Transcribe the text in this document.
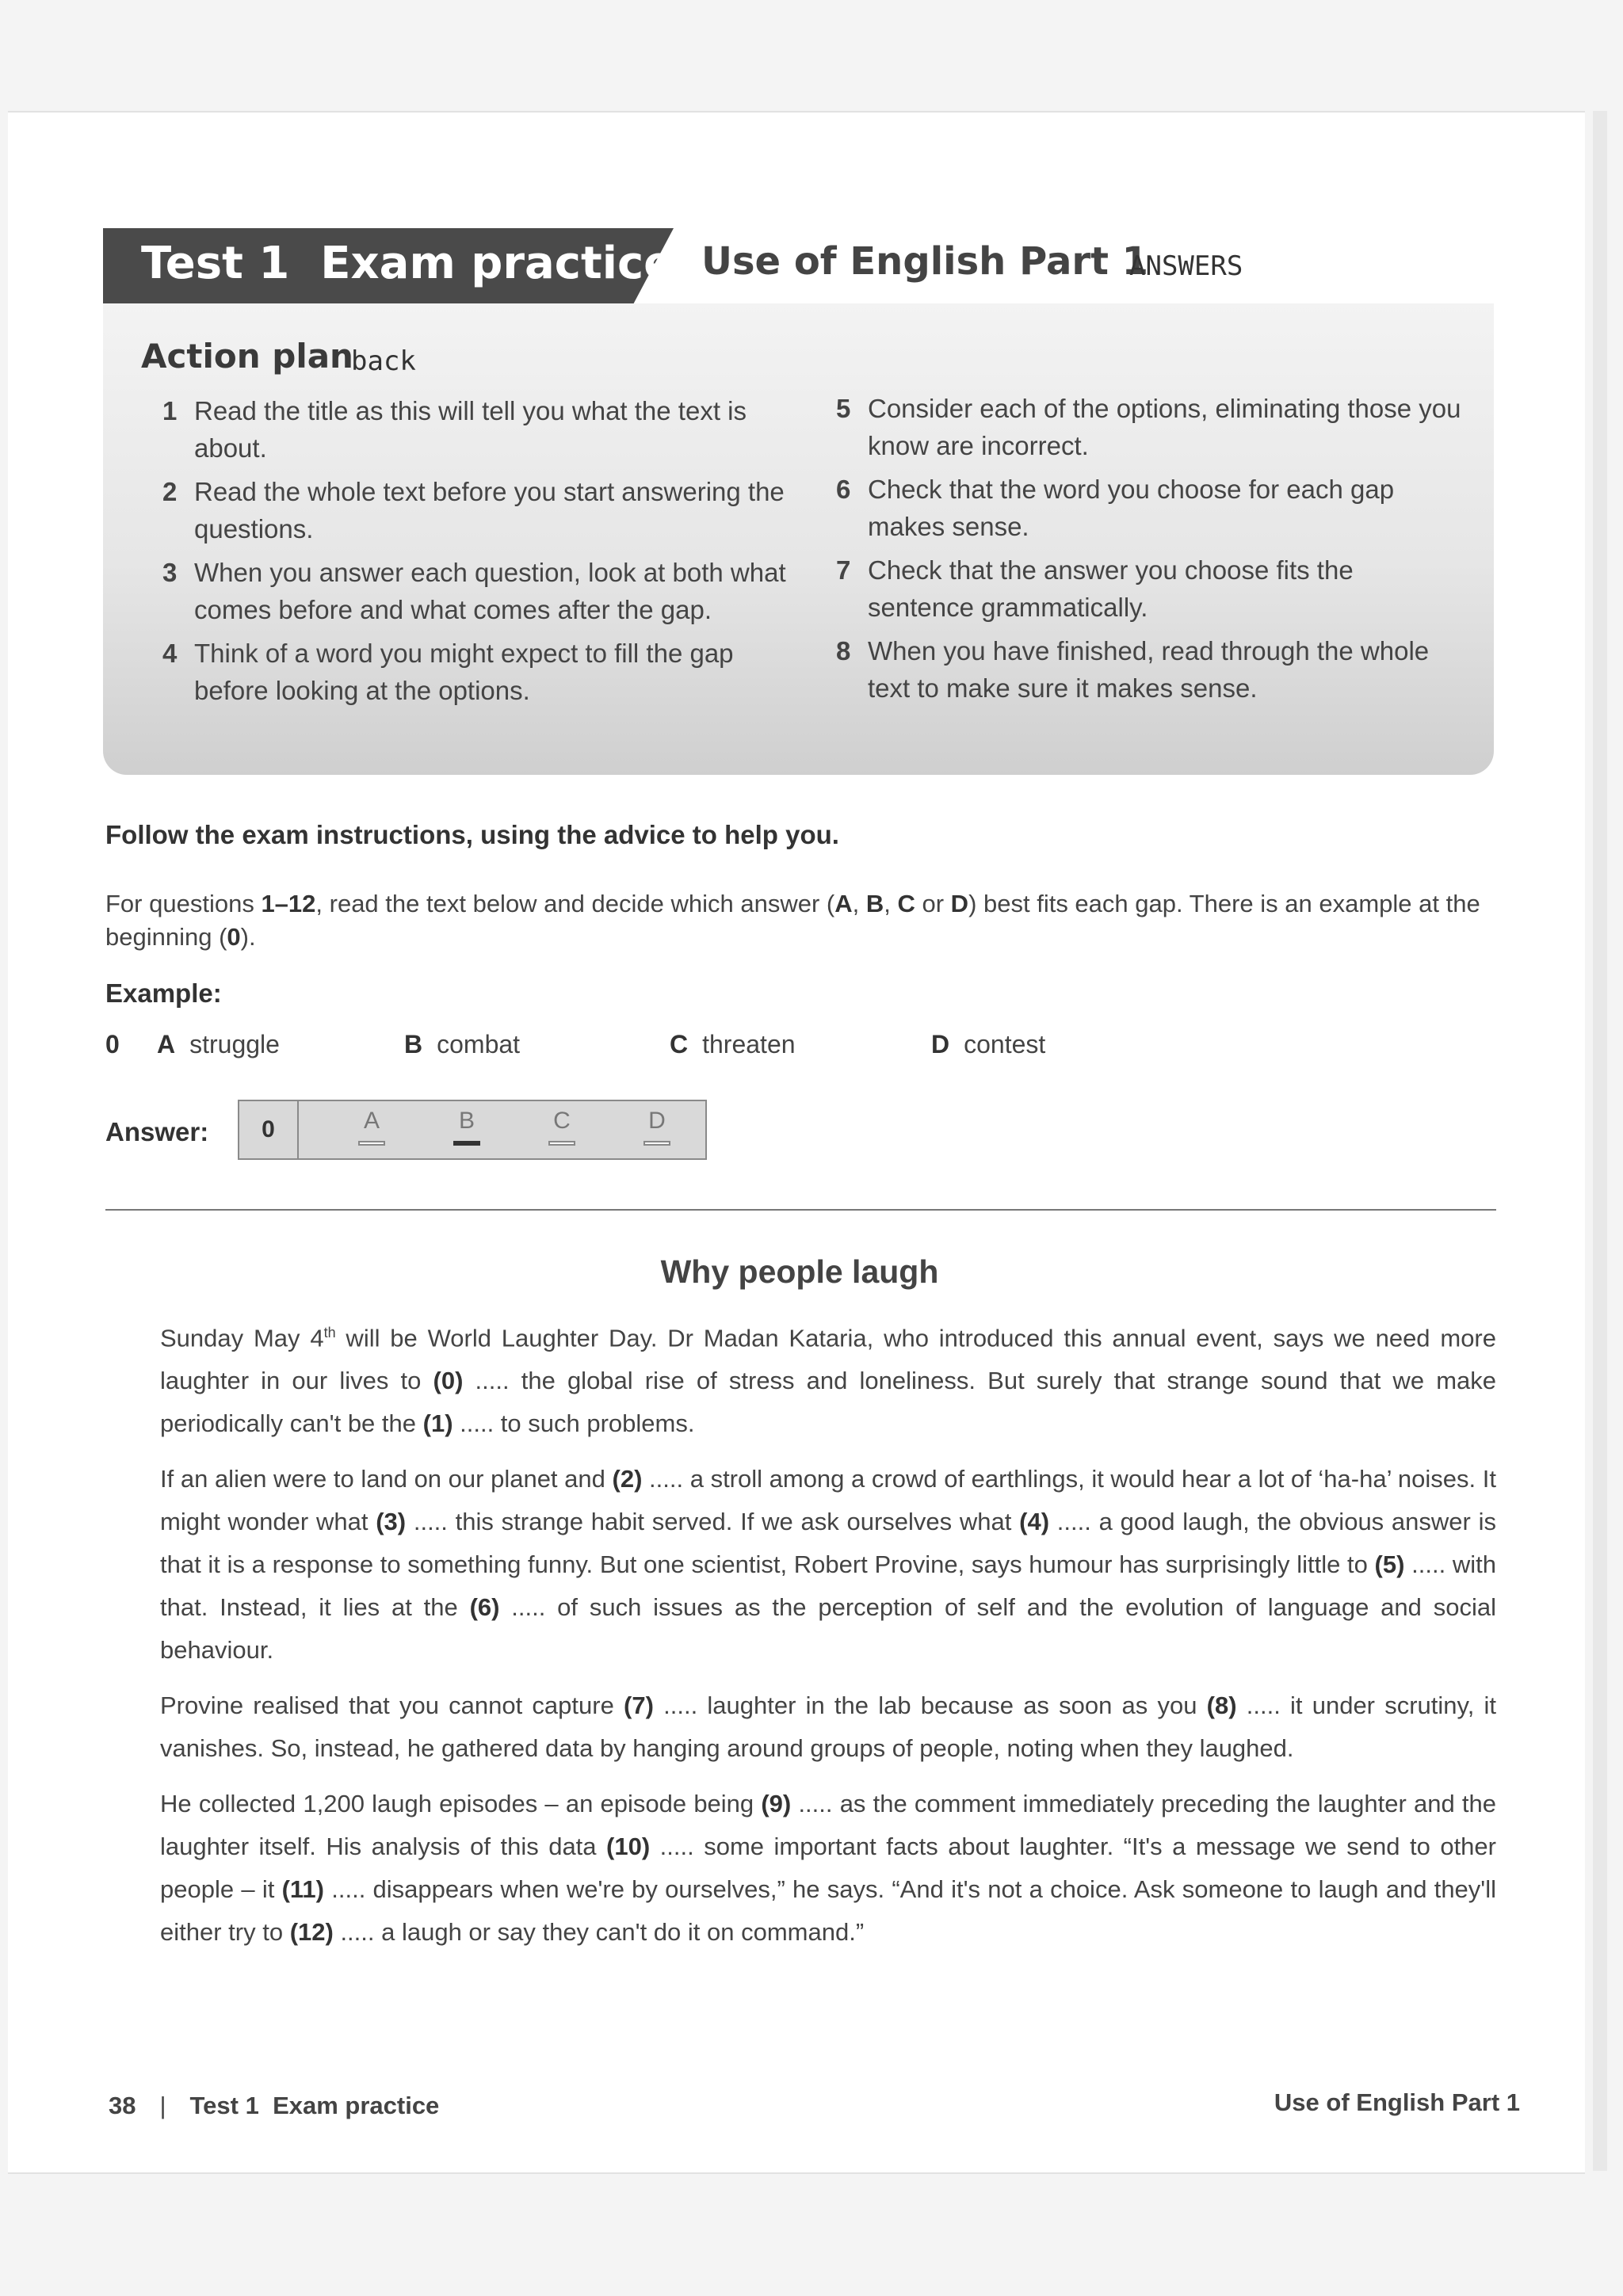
Test 1  Exam practice Use of English Part 1
ANSWERS
Action plan
back
1 Read the title as this will tell you what the text is about.
2 Read the whole text before you start answering the questions.
3 When you answer each question, look at both what comes before and what comes after the gap.
4 Think of a word you might expect to fill the gap before looking at the options.
5 Consider each of the options, eliminating those you know are incorrect.
6 Check that the word you choose for each gap makes sense.
7 Check that the answer you choose fits the sentence grammatically.
8 When you have finished, read through the whole text to make sure it makes sense.
Follow the exam instructions, using the advice to help you.
For questions 1–12, read the text below and decide which answer (A, B, C or D) best fits each gap. There is an example at the beginning (0).
Example:
0	A struggle	B combat	C threaten	D contest
Answer:	0	A	B	C	D
Why people laugh

Sunday May 4th will be World Laughter Day. Dr Madan Kataria, who introduced this annual event, says we need more laughter in our lives to (0) ..... the global rise of stress and loneliness. But surely that strange sound that we make periodically can't be the (1) ..... to such problems.

If an alien were to land on our planet and (2) ..... a stroll among a crowd of earthlings, it would hear a lot of ‘ha-ha’ noises. It might wonder what (3) ..... this strange habit served. If we ask ourselves what (4) ..... a good laugh, the obvious answer is that it is a response to something funny. But one scientist, Robert Provine, says humour has surprisingly little to (5) ..... with that. Instead, it lies at the (6) ..... of such issues as the perception of self and the evolution of language and social behaviour.

Provine realised that you cannot capture (7) ..... laughter in the lab because as soon as you (8) ..... it under scrutiny, it vanishes. So, instead, he gathered data by hanging around groups of people, noting when they laughed.

He collected 1,200 laugh episodes – an episode being (9) ..... as the comment immediately preceding the laughter and the laughter itself. His analysis of this data (10) ..... some important facts about laughter. “It's a message we send to other people – it (11) ..... disappears when we're by ourselves,” he says. “And it's not a choice. Ask someone to laugh and they'll either try to (12) ..... a laugh or say they can't do it on command.”

38 | Test 1  Exam practice	Use of English Part 1
